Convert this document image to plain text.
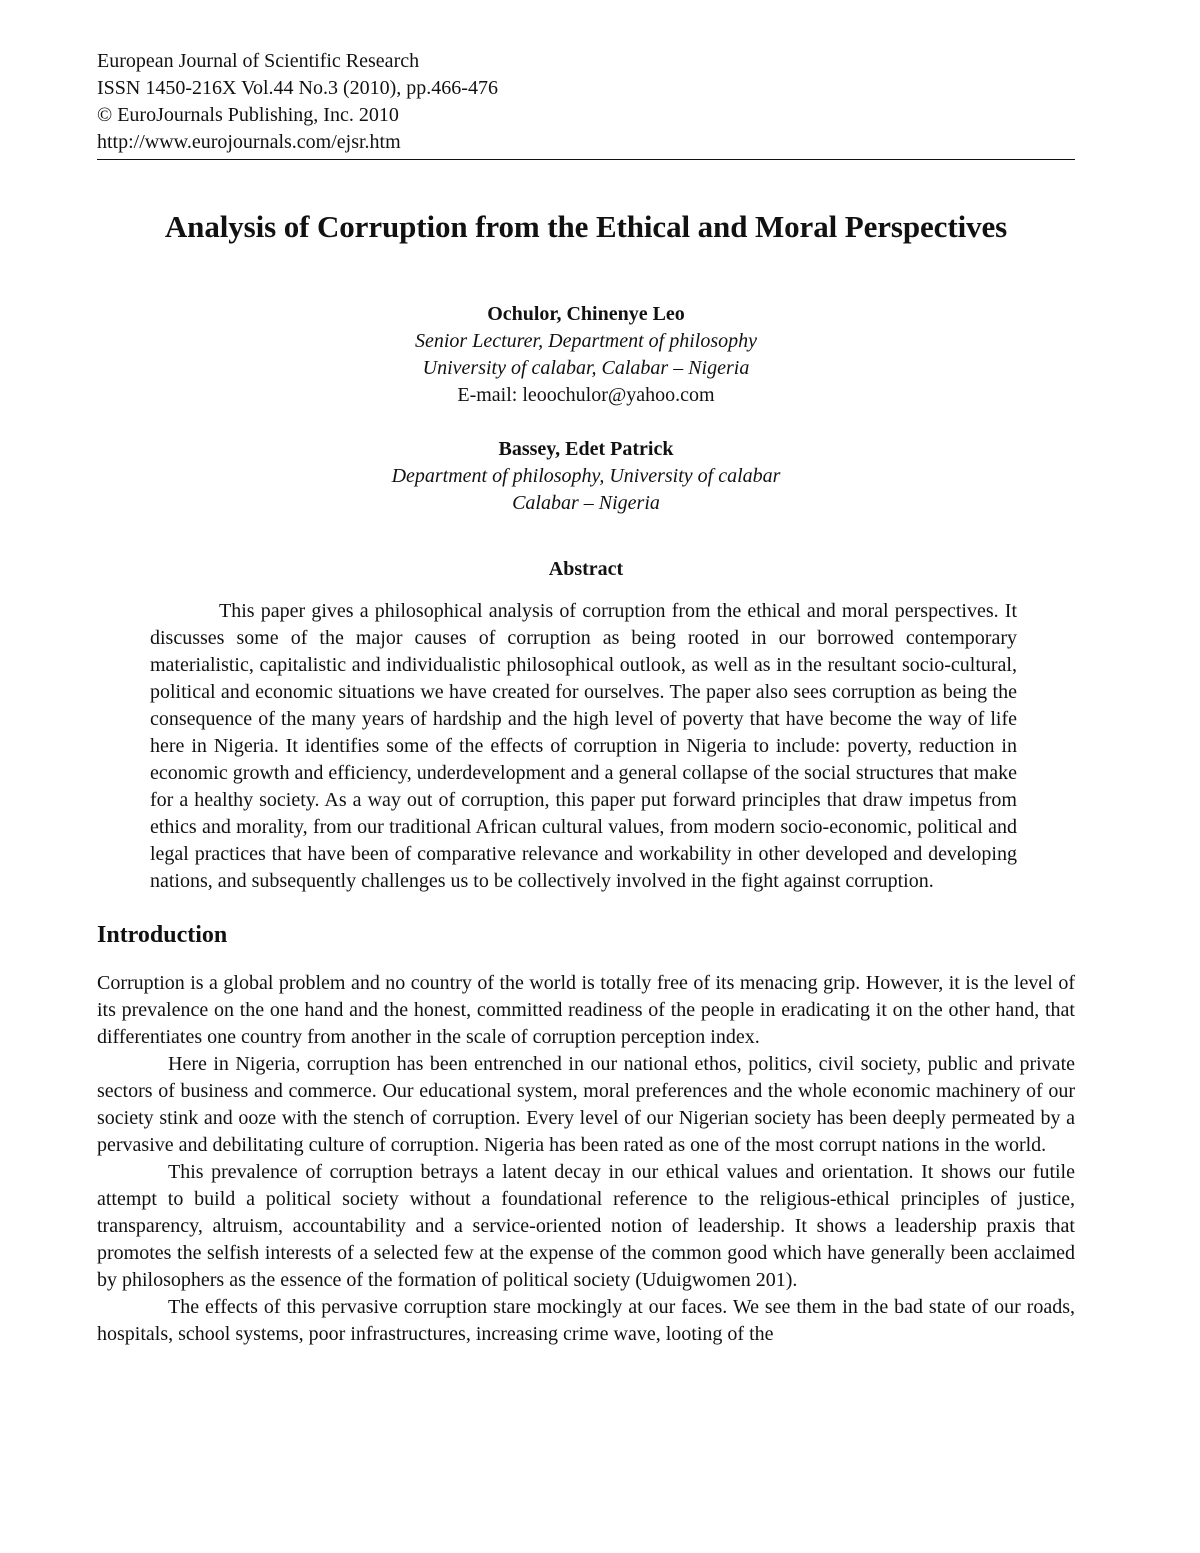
European Journal of Scientific Research
ISSN 1450-216X Vol.44 No.3 (2010), pp.466-476
© EuroJournals Publishing, Inc. 2010
http://www.eurojournals.com/ejsr.htm
Analysis of Corruption from the Ethical and Moral Perspectives
Ochulor, Chinenye Leo
Senior Lecturer, Department of philosophy
University of calabar, Calabar – Nigeria
E-mail: leoochulor@yahoo.com
Bassey, Edet Patrick
Department of philosophy, University of calabar
Calabar – Nigeria
Abstract

This paper gives a philosophical analysis of corruption from the ethical and moral perspectives. It discusses some of the major causes of corruption as being rooted in our borrowed contemporary materialistic, capitalistic and individualistic philosophical outlook, as well as in the resultant socio-cultural, political and economic situations we have created for ourselves. The paper also sees corruption as being the consequence of the many years of hardship and the high level of poverty that have become the way of life here in Nigeria. It identifies some of the effects of corruption in Nigeria to include: poverty, reduction in economic growth and efficiency, underdevelopment and a general collapse of the social structures that make for a healthy society. As a way out of corruption, this paper put forward principles that draw impetus from ethics and morality, from our traditional African cultural values, from modern socio-economic, political and legal practices that have been of comparative relevance and workability in other developed and developing nations, and subsequently challenges us to be collectively involved in the fight against corruption.

Introduction

Corruption is a global problem and no country of the world is totally free of its menacing grip. However, it is the level of its prevalence on the one hand and the honest, committed readiness of the people in eradicating it on the other hand, that differentiates one country from another in the scale of corruption perception index.

Here in Nigeria, corruption has been entrenched in our national ethos, politics, civil society, public and private sectors of business and commerce. Our educational system, moral preferences and the whole economic machinery of our society stink and ooze with the stench of corruption. Every level of our Nigerian society has been deeply permeated by a pervasive and debilitating culture of corruption. Nigeria has been rated as one of the most corrupt nations in the world.

This prevalence of corruption betrays a latent decay in our ethical values and orientation. It shows our futile attempt to build a political society without a foundational reference to the religious-ethical principles of justice, transparency, altruism, accountability and a service-oriented notion of leadership. It shows a leadership praxis that promotes the selfish interests of a selected few at the expense of the common good which have generally been acclaimed by philosophers as the essence of the formation of political society (Uduigwomen 201).

The effects of this pervasive corruption stare mockingly at our faces. We see them in the bad state of our roads, hospitals, school systems, poor infrastructures, increasing crime wave, looting of the
